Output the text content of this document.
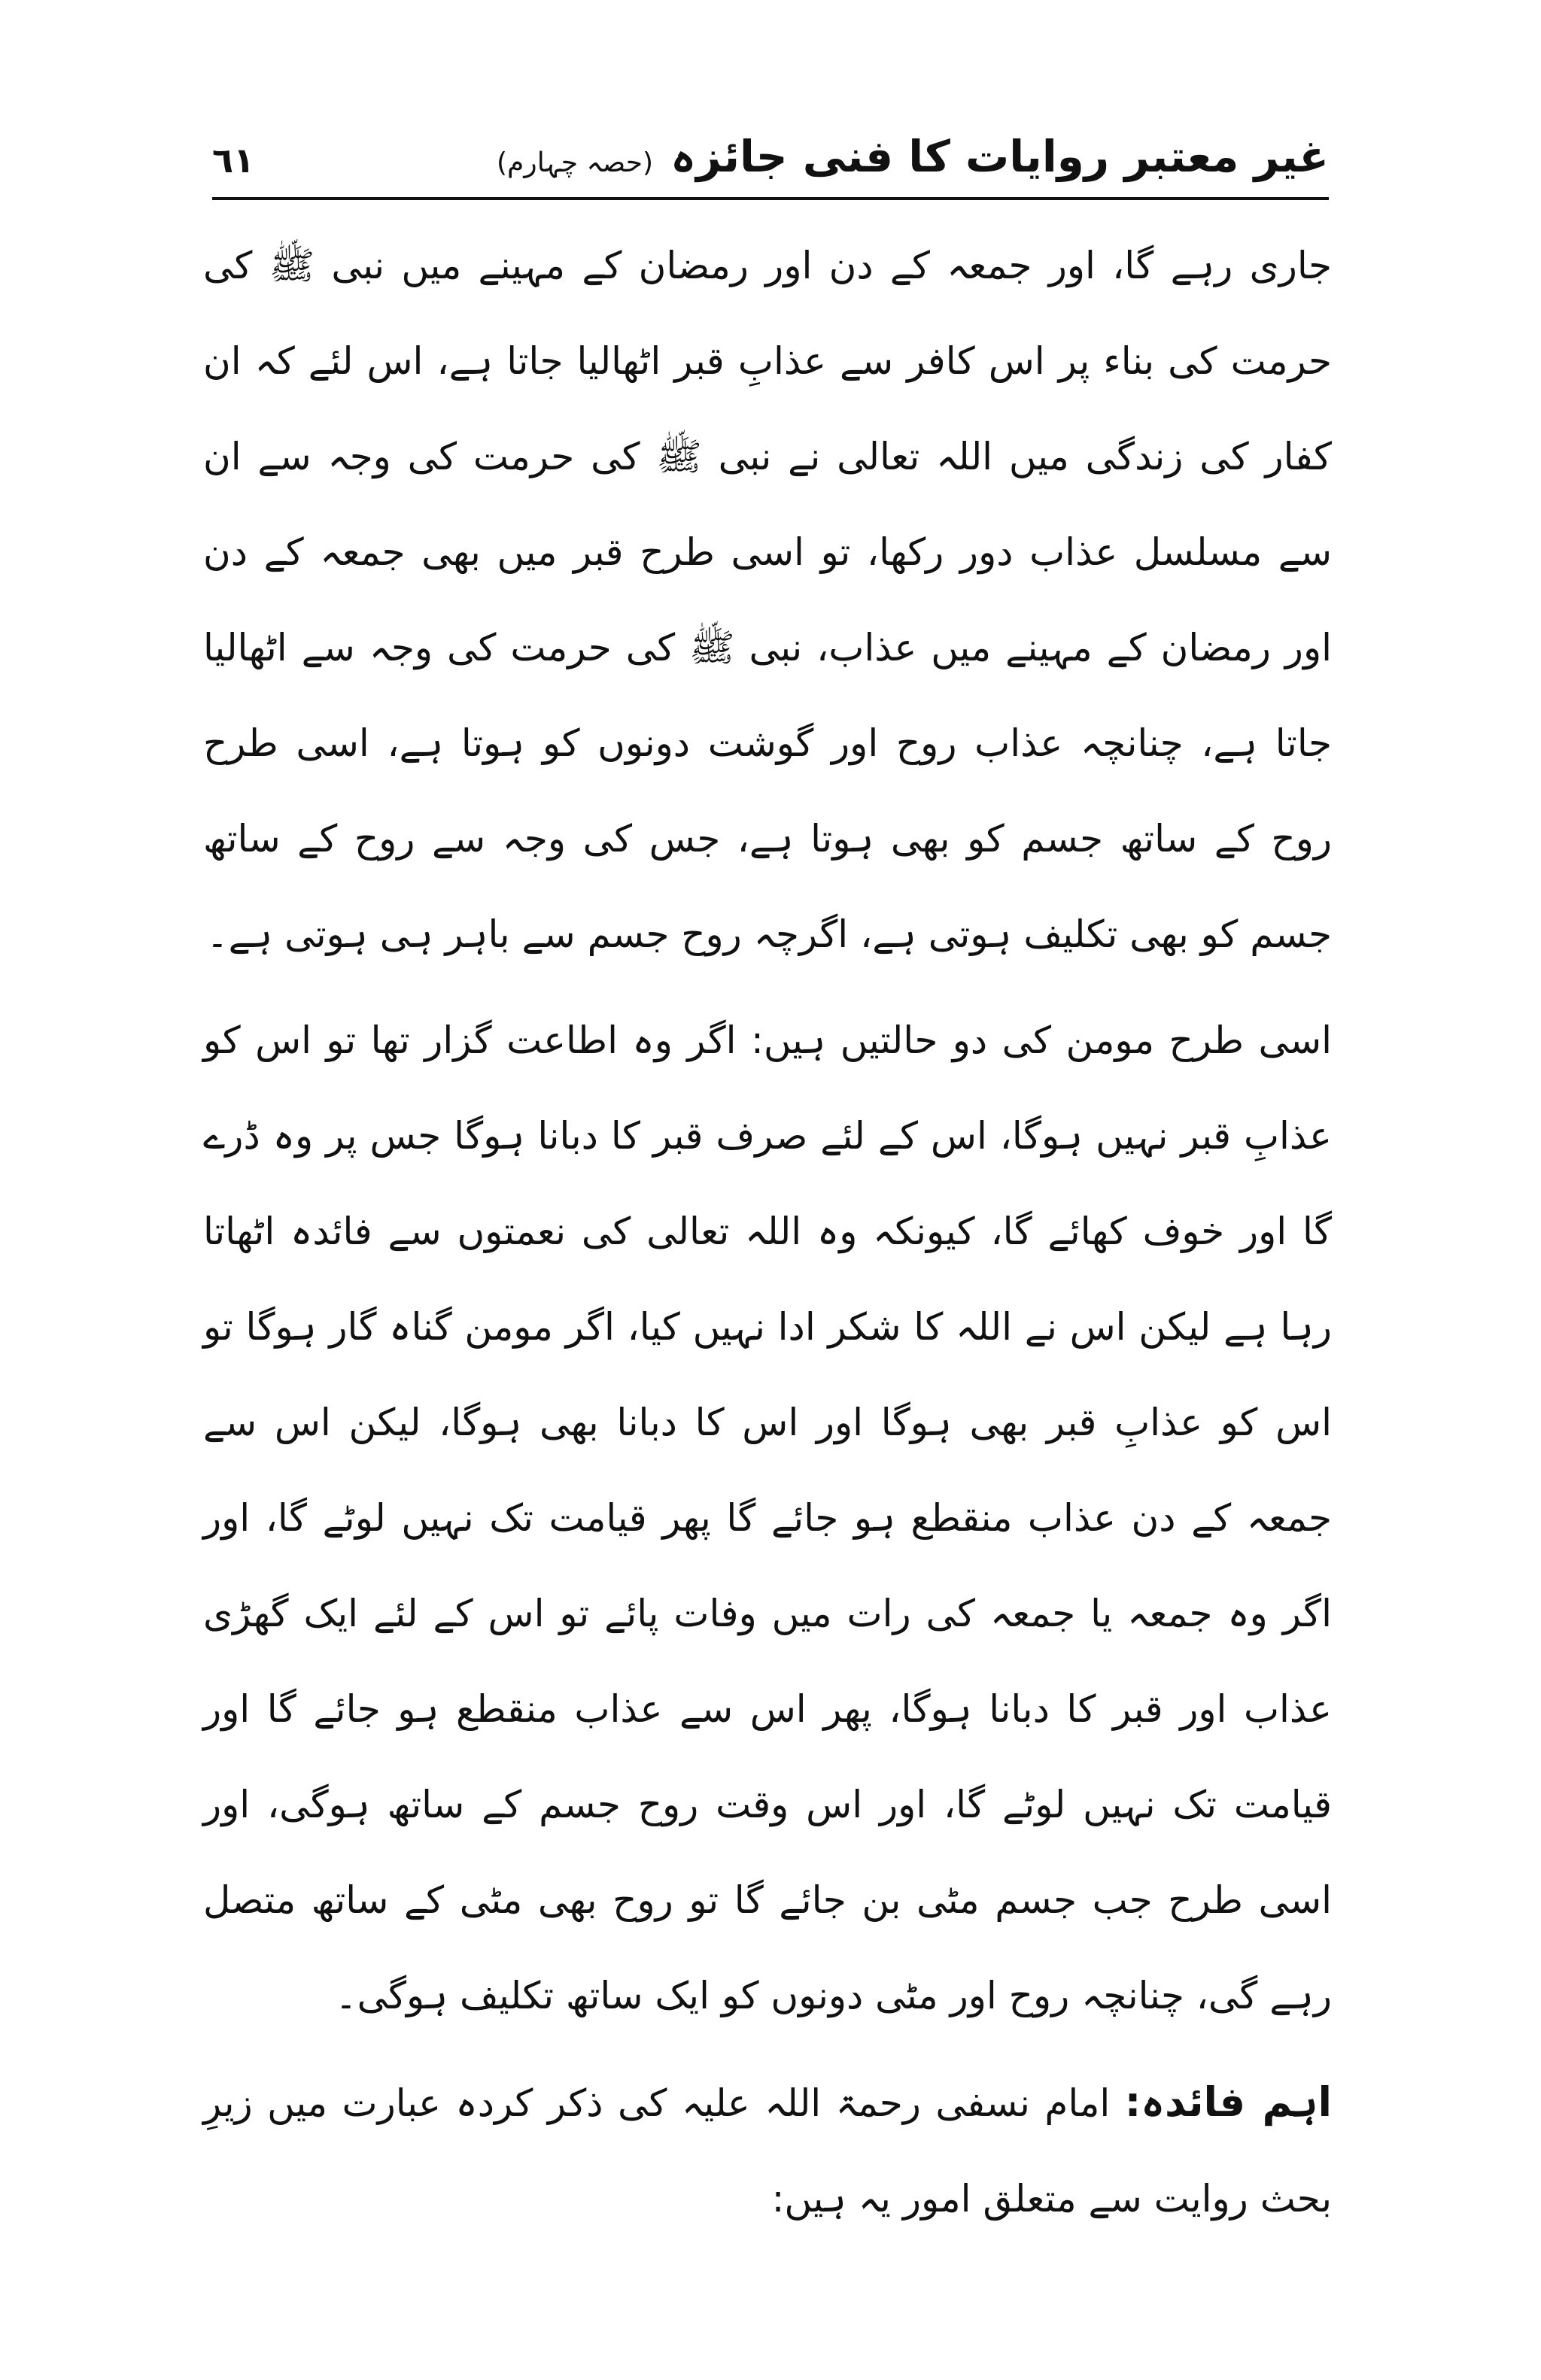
٦١	غیر معتبر روایات کا فنی جائزہ (حصہ چہارم)

جاری رہے گا، اور جمعہ کے دن اور رمضان کے مہینے میں نبی ﷺ کی حرمت کی بناء پر اس کافر سے عذابِ قبر اٹھالیا جاتا ہے، اس لئے کہ ان کفار کی زندگی میں اللہ تعالی نے نبی ﷺ کی حرمت کی وجہ سے ان سے مسلسل عذاب دور رکھا، تو اسی طرح قبر میں بھی جمعہ کے دن اور رمضان کے مہینے میں عذاب، نبی ﷺ کی حرمت کی وجہ سے اٹھالیا جاتا ہے، چنانچہ عذاب روح اور گوشت دونوں کو ہوتا ہے، اسی طرح روح کے ساتھ جسم کو بھی ہوتا ہے، جس کی وجہ سے روح کے ساتھ جسم کو بھی تکلیف ہوتی ہے، اگرچہ روح جسم سے باہر ہی ہوتی ہے۔

اسی طرح مومن کی دو حالتیں ہیں: اگر وہ اطاعت گزار تھا تو اس کو عذابِ قبر نہیں ہوگا، اس کے لئے صرف قبر کا دبانا ہوگا جس پر وہ ڈرے گا اور خوف کھائے گا، کیونکہ وہ اللہ تعالی کی نعمتوں سے فائدہ اٹھاتا رہا ہے لیکن اس نے اللہ کا شکر ادا نہیں کیا، اگر مومن گناہ گار ہوگا تو اس کو عذابِ قبر بھی ہوگا اور اس کا دبانا بھی ہوگا، لیکن اس سے جمعہ کے دن عذاب منقطع ہو جائے گا پھر قیامت تک نہیں لوٹے گا، اور اگر وہ جمعہ یا جمعہ کی رات میں وفات پائے تو اس کے لئے ایک گھڑی عذاب اور قبر کا دبانا ہوگا، پھر اس سے عذاب منقطع ہو جائے گا اور قیامت تک نہیں لوٹے گا، اور اس وقت روح جسم کے ساتھ ہوگی، اور اسی طرح جب جسم مٹی بن جائے گا تو روح بھی مٹی کے ساتھ متصل رہے گی، چنانچہ روح اور مٹی دونوں کو ایک ساتھ تکلیف ہوگی۔

اہم فائدہ: امام نسفی رحمۃ اللہ علیہ کی ذکر کردہ عبارت میں زیرِ بحث روایت سے متعلق امور یہ ہیں:
